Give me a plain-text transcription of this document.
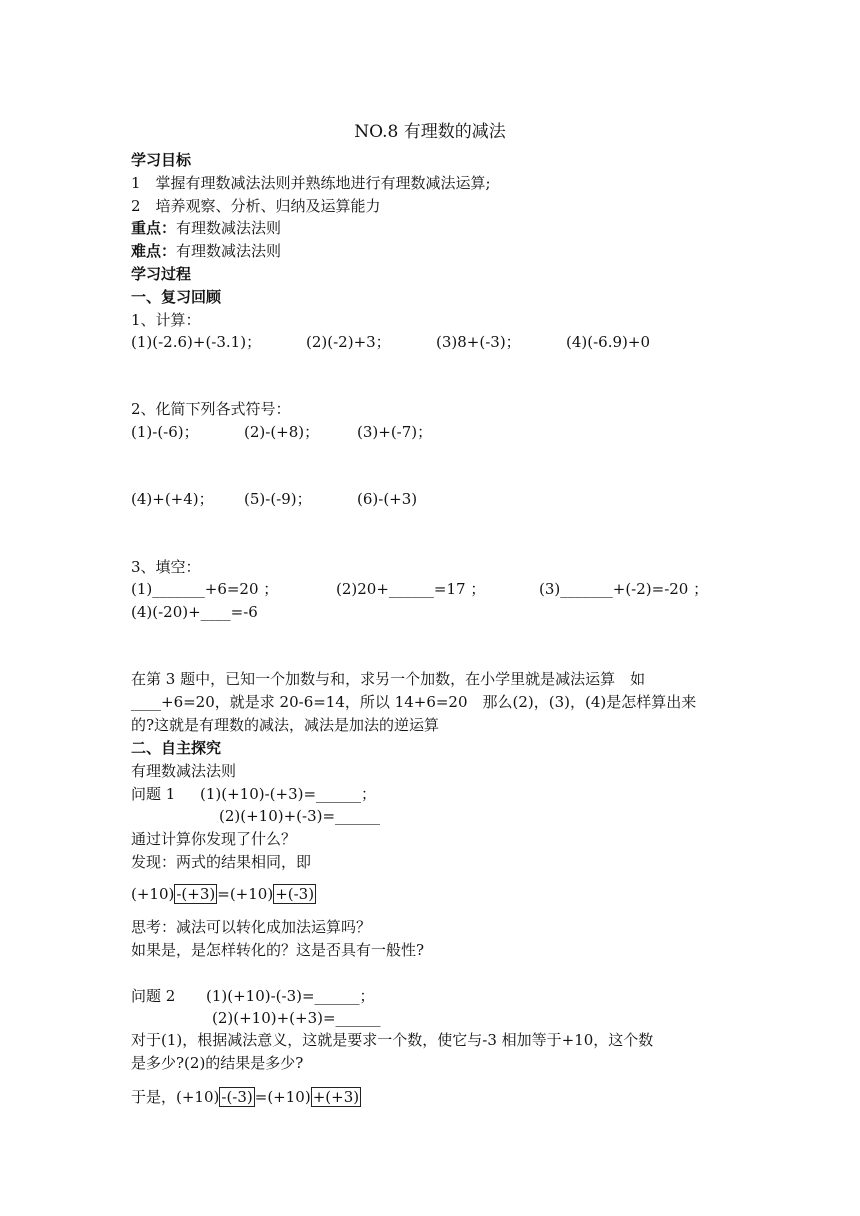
NO.8 有理数的减法
学习目标
1　掌握有理数减法法则并熟练地进行有理数减法运算;
2　培养观察、分析、归纳及运算能力
重点：有理数减法法则
难点：有理数减法法则
学习过程
一、复习回顾
1、计算：
(1)(-2.6)+(-3.1)；	(2)(-2)+3；	(3)8+(-3)；	(4)(-6.9)+0
2、化简下列各式符号：
(1)-(-6)；	(2)-(+8)；	(3)+(-7)；
(4)+(+4)； (5)-(-9)；	(6)-(+3)
3、填空：
(1)_______+6=20 ；	(2)20+______=17 ；	(3)_______+(-2)=-20 ；
(4)(-20)+____=-6
在第 3 题中，已知一个加数与和，求另一个加数，在小学里就是减法运算　如
____+6=20，就是求 20-6=14，所以 14+6=20　那么(2)，(3)，(4)是怎样算出来
的?这就是有理数的减法，减法是加法的逆运算
二、自主探究
有理数减法法则
问题 1 (1)(+10)-(+3)=______；
(2)(+10)+(-3)=______
通过计算你发现了什么？
发现：两式的结果相同，即
(+10) -(+3) =(+10) +(-3)
思考：减法可以转化成加法运算吗？
如果是，是怎样转化的？这是否具有一般性?
问题 2 (1)(+10)-(-3)=______；
(2)(+10)+(+3)=______
对于(1)，根据减法意义，这就是要求一个数，使它与-3 相加等于+10，这个数
是多少?(2)的结果是多少?
于是，(+10) -(-3) =(+10) +(+3)
